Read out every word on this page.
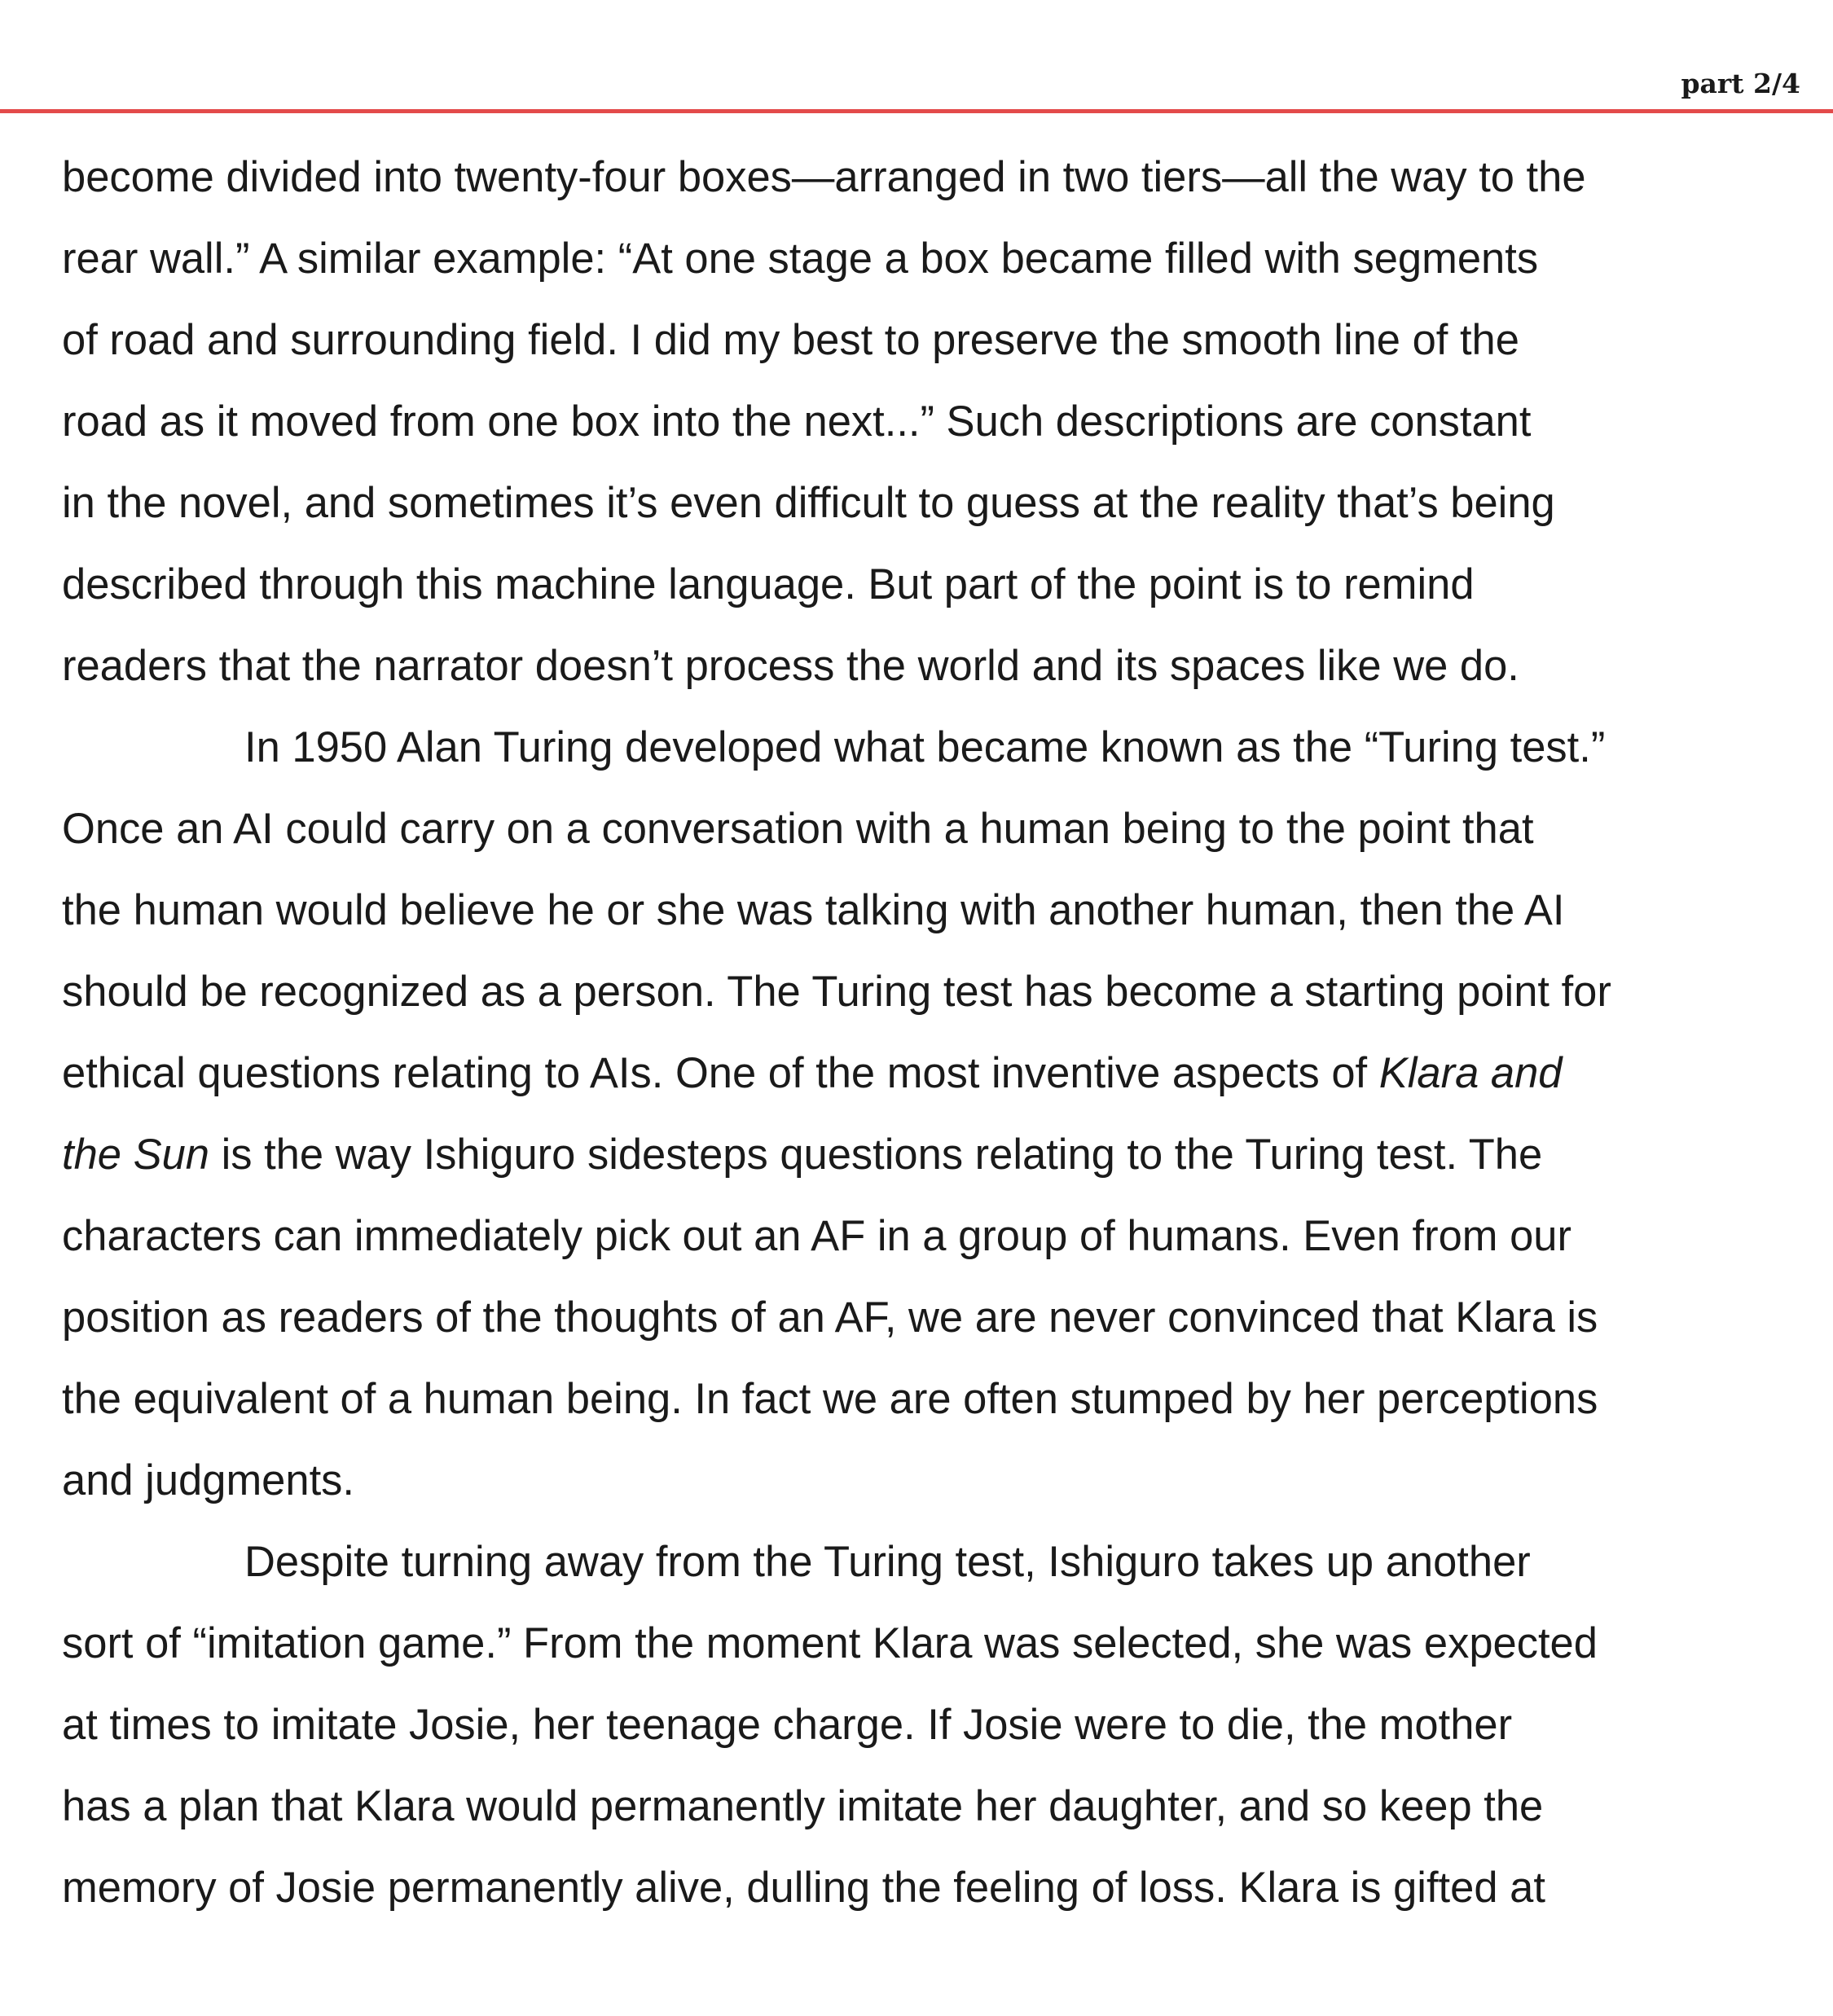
part 2/4
become divided into twenty-four boxes—arranged in two tiers—all the way to the
rear wall.” A similar example: “At one stage a box became filled with segments
of road and surrounding field. I did my best to preserve the smooth line of the
road as it moved from one box into the next...” Such descriptions are constant
in the novel, and sometimes it’s even difficult to guess at the reality that’s being
described through this machine language. But part of the point is to remind
readers that the narrator doesn’t process the world and its spaces like we do.
In 1950 Alan Turing developed what became known as the “Turing test.”
Once an AI could carry on a conversation with a human being to the point that
the human would believe he or she was talking with another human, then the AI
should be recognized as a person. The Turing test has become a starting point for
ethical questions relating to AIs. One of the most inventive aspects of Klara and
the Sun is the way Ishiguro sidesteps questions relating to the Turing test. The
characters can immediately pick out an AF in a group of humans. Even from our
position as readers of the thoughts of an AF, we are never convinced that Klara is
the equivalent of a human being. In fact we are often stumped by her perceptions
and judgments.
Despite turning away from the Turing test, Ishiguro takes up another
sort of “imitation game.” From the moment Klara was selected, she was expected
at times to imitate Josie, her teenage charge. If Josie were to die, the mother
has a plan that Klara would permanently imitate her daughter, and so keep the
memory of Josie permanently alive, dulling the feeling of loss. Klara is gifted at
